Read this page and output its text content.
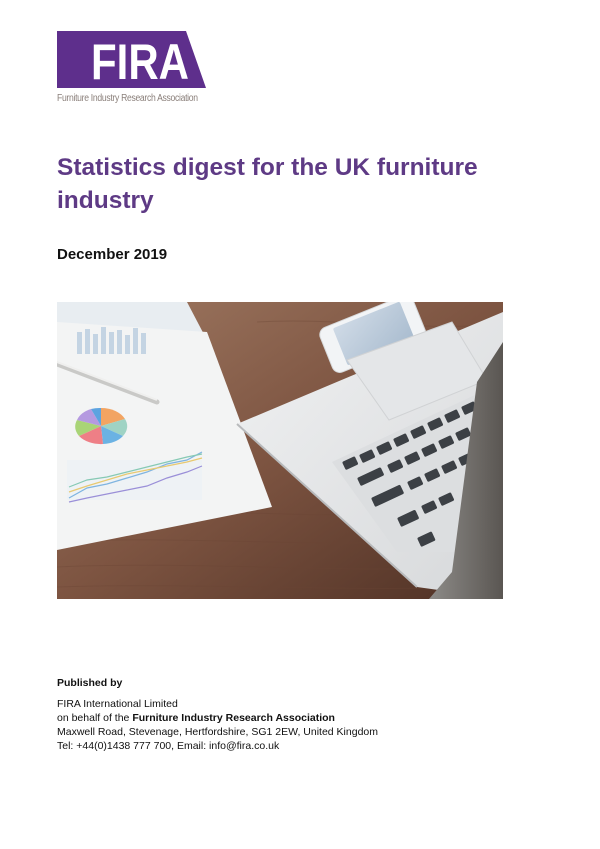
FIRA
Furniture Industry Research Association
Statistics digest for the UK furniture industry
December 2019
Published by
FIRA International Limited
on behalf of the Furniture Industry Research Association
Maxwell Road, Stevenage, Hertfordshire, SG1 2EW, United Kingdom
Tel: +44(0)1438 777 700, Email: info@fira.co.uk
